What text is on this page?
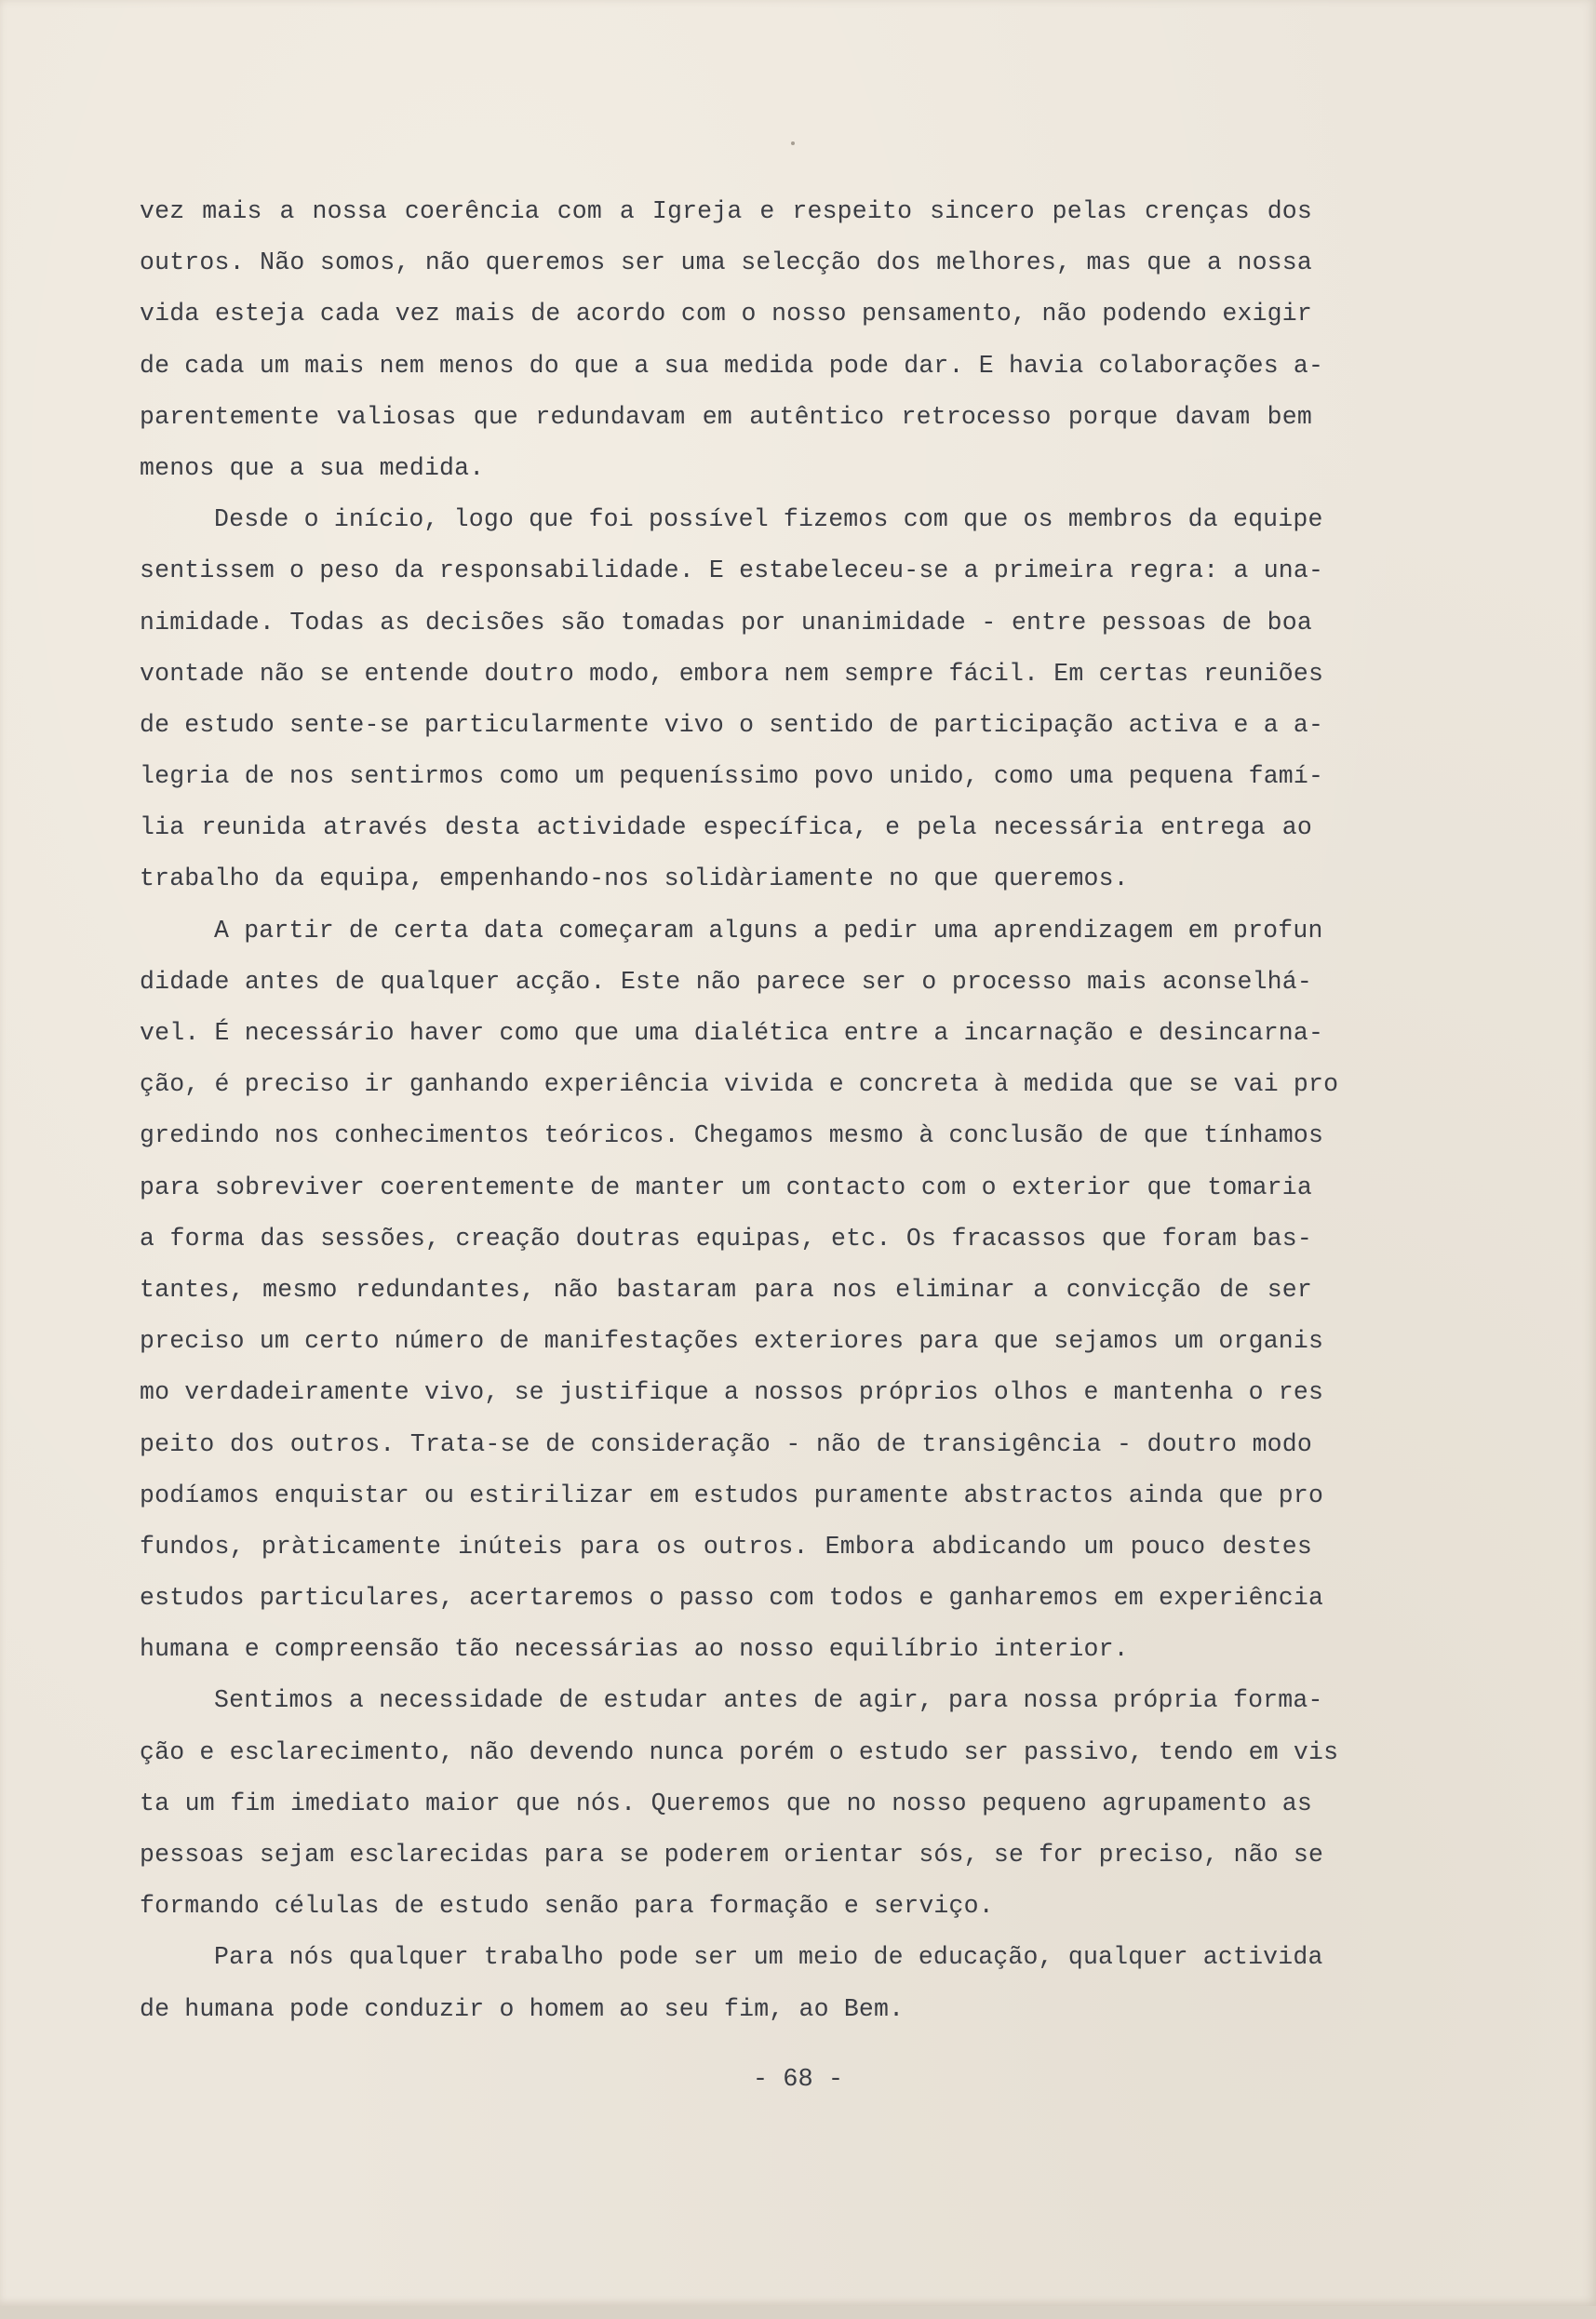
vez mais a nossa coerência com a Igreja e respeito sincero pelas crenças dos
outros. Não somos, não queremos ser uma selecção dos melhores, mas que a nossa
vida esteja cada vez mais de acordo com o nosso pensamento, não podendo exigir
de cada um mais nem menos do que a sua medida pode dar. E havia colaborações a-
parentemente valiosas que redundavam em autêntico retrocesso porque davam bem
menos que a sua medida.
Desde o início, logo que foi possível fizemos com que os membros da equipe
sentissem o peso da responsabilidade. E estabeleceu-se a primeira regra: a una-
nimidade. Todas as decisões são tomadas por unanimidade - entre pessoas de boa
vontade não se entende doutro modo, embora nem sempre fácil. Em certas reuniões
de estudo sente-se particularmente vivo o sentido de participação activa e a a-
legria de nos sentirmos como um pequeníssimo povo unido, como uma pequena famí-
lia reunida através desta actividade específica, e pela necessária entrega ao
trabalho da equipa, empenhando-nos solidàriamente no que queremos.
A partir de certa data começaram alguns a pedir uma aprendizagem em profun
didade antes de qualquer acção. Este não parece ser o processo mais aconselhá-
vel. É necessário haver como que uma dialética entre a incarnação e desincarna-
ção, é preciso ir ganhando experiência vivida e concreta à medida que se vai pro
gredindo nos conhecimentos teóricos. Chegamos mesmo à conclusão de que tínhamos
para sobreviver coerentemente de manter um contacto com o exterior que tomaria
a forma das sessões, creação doutras equipas, etc. Os fracassos que foram bas-
tantes, mesmo redundantes, não bastaram para nos eliminar a convicção de ser
preciso um certo número de manifestações exteriores para que sejamos um organis
mo verdadeiramente vivo, se justifique a nossos próprios olhos e mantenha o res
peito dos outros. Trata-se de consideração - não de transigência - doutro modo
podíamos enquistar ou estirilizar em estudos puramente abstractos ainda que pro
fundos, pràticamente inúteis para os outros. Embora abdicando um pouco destes
estudos particulares, acertaremos o passo com todos e ganharemos em experiência
humana e compreensão tão necessárias ao nosso equilíbrio interior.
Sentimos a necessidade de estudar antes de agir, para nossa própria forma-
ção e esclarecimento, não devendo nunca porém o estudo ser passivo, tendo em vis
ta um fim imediato maior que nós. Queremos que no nosso pequeno agrupamento as
pessoas sejam esclarecidas para se poderem orientar sós, se for preciso, não se
formando células de estudo senão para formação e serviço.
Para nós qualquer trabalho pode ser um meio de educação, qualquer activida
de humana pode conduzir o homem ao seu fim, ao Bem.
- 68 -
